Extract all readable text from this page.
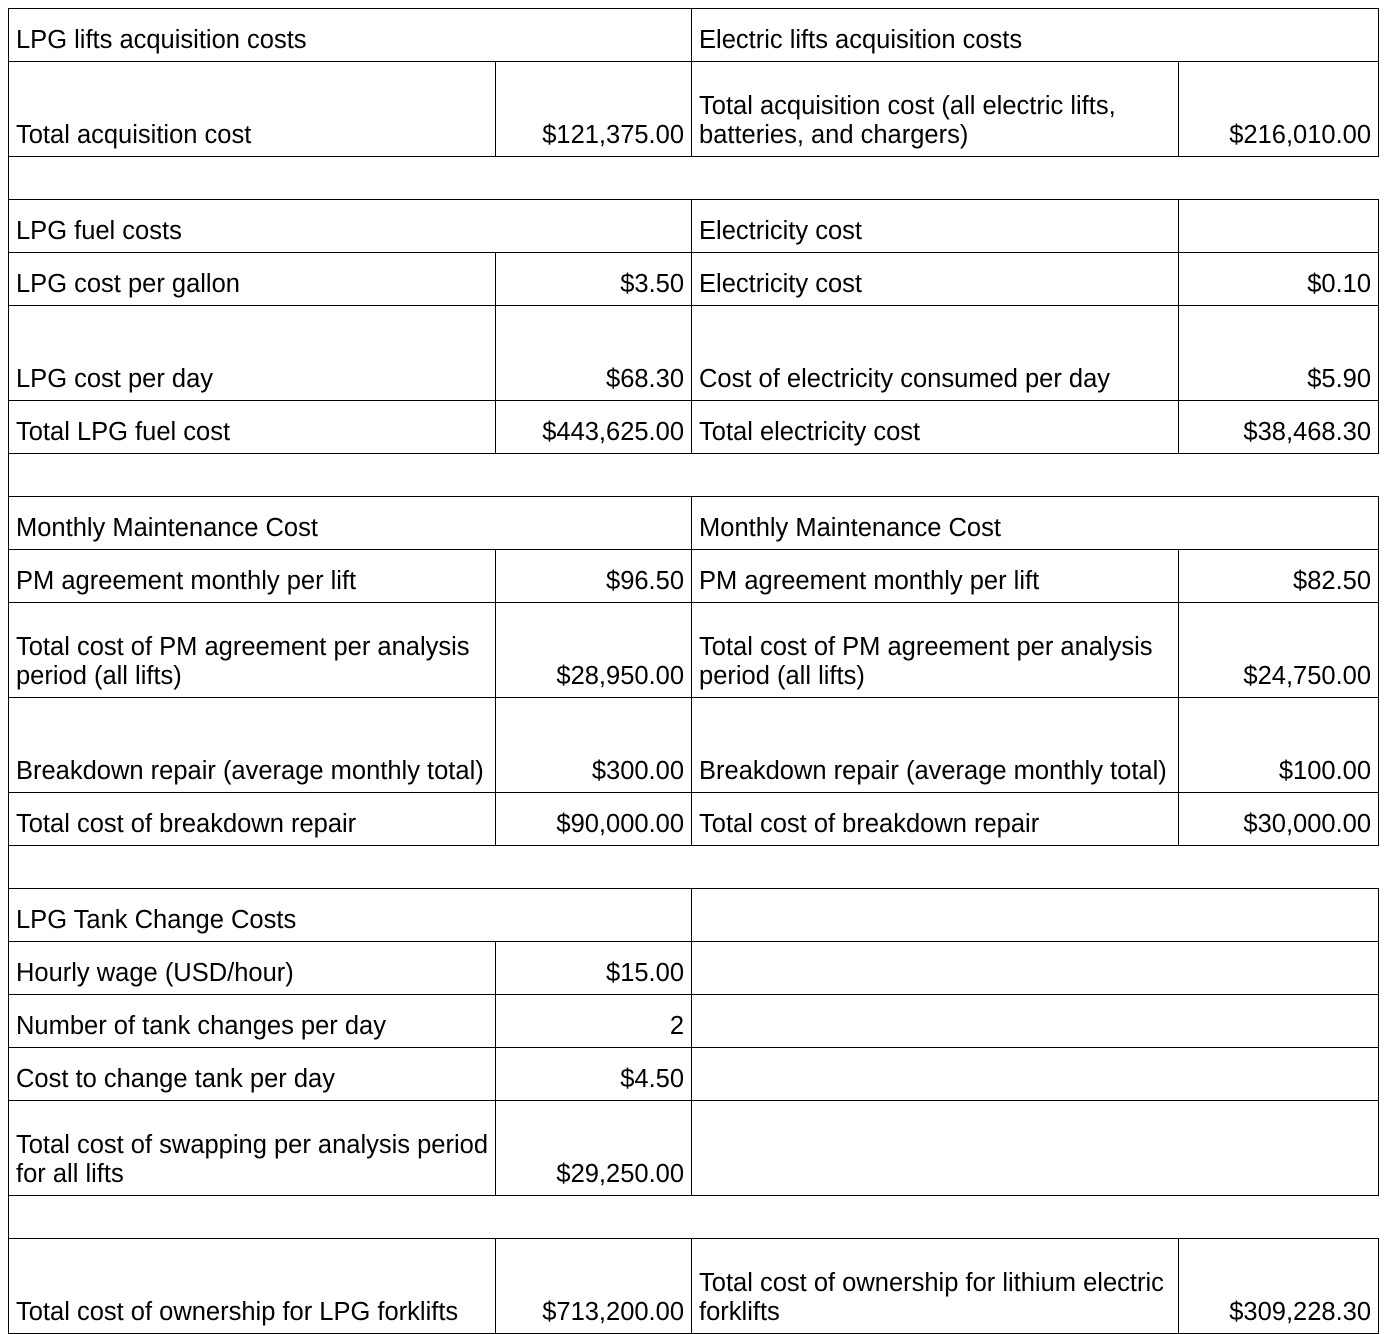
LPG lifts acquisition costs		Electric lifts acquisition costs	
Total acquisition cost	$121,375.00	Total acquisition cost (all electric lifts, batteries, and chargers)	$216,010.00

LPG fuel costs		Electricity cost	
LPG cost per gallon	$3.50	Electricity cost	$0.10
LPG cost per day	$68.30	Cost of electricity consumed per day	$5.90
Total LPG fuel cost	$443,625.00	Total electricity cost	$38,468.30

Monthly Maintenance Cost		Monthly Maintenance Cost	
PM agreement monthly per lift	$96.50	PM agreement monthly per lift	$82.50
Total cost of PM agreement per analysis period (all lifts)	$28,950.00	Total cost of PM agreement per analysis period (all lifts)	$24,750.00
Breakdown repair (average monthly total)	$300.00	Breakdown repair (average monthly total)	$100.00
Total cost of breakdown repair	$90,000.00	Total cost of breakdown repair	$30,000.00

LPG Tank Change Costs			
Hourly wage (USD/hour)	$15.00		
Number of tank changes per day	2		
Cost to change tank per day	$4.50		
Total cost of swapping per analysis period for all lifts	$29,250.00		

Total cost of ownership for LPG forklifts	$713,200.00	Total cost of ownership for lithium electric forklifts	$309,228.30
